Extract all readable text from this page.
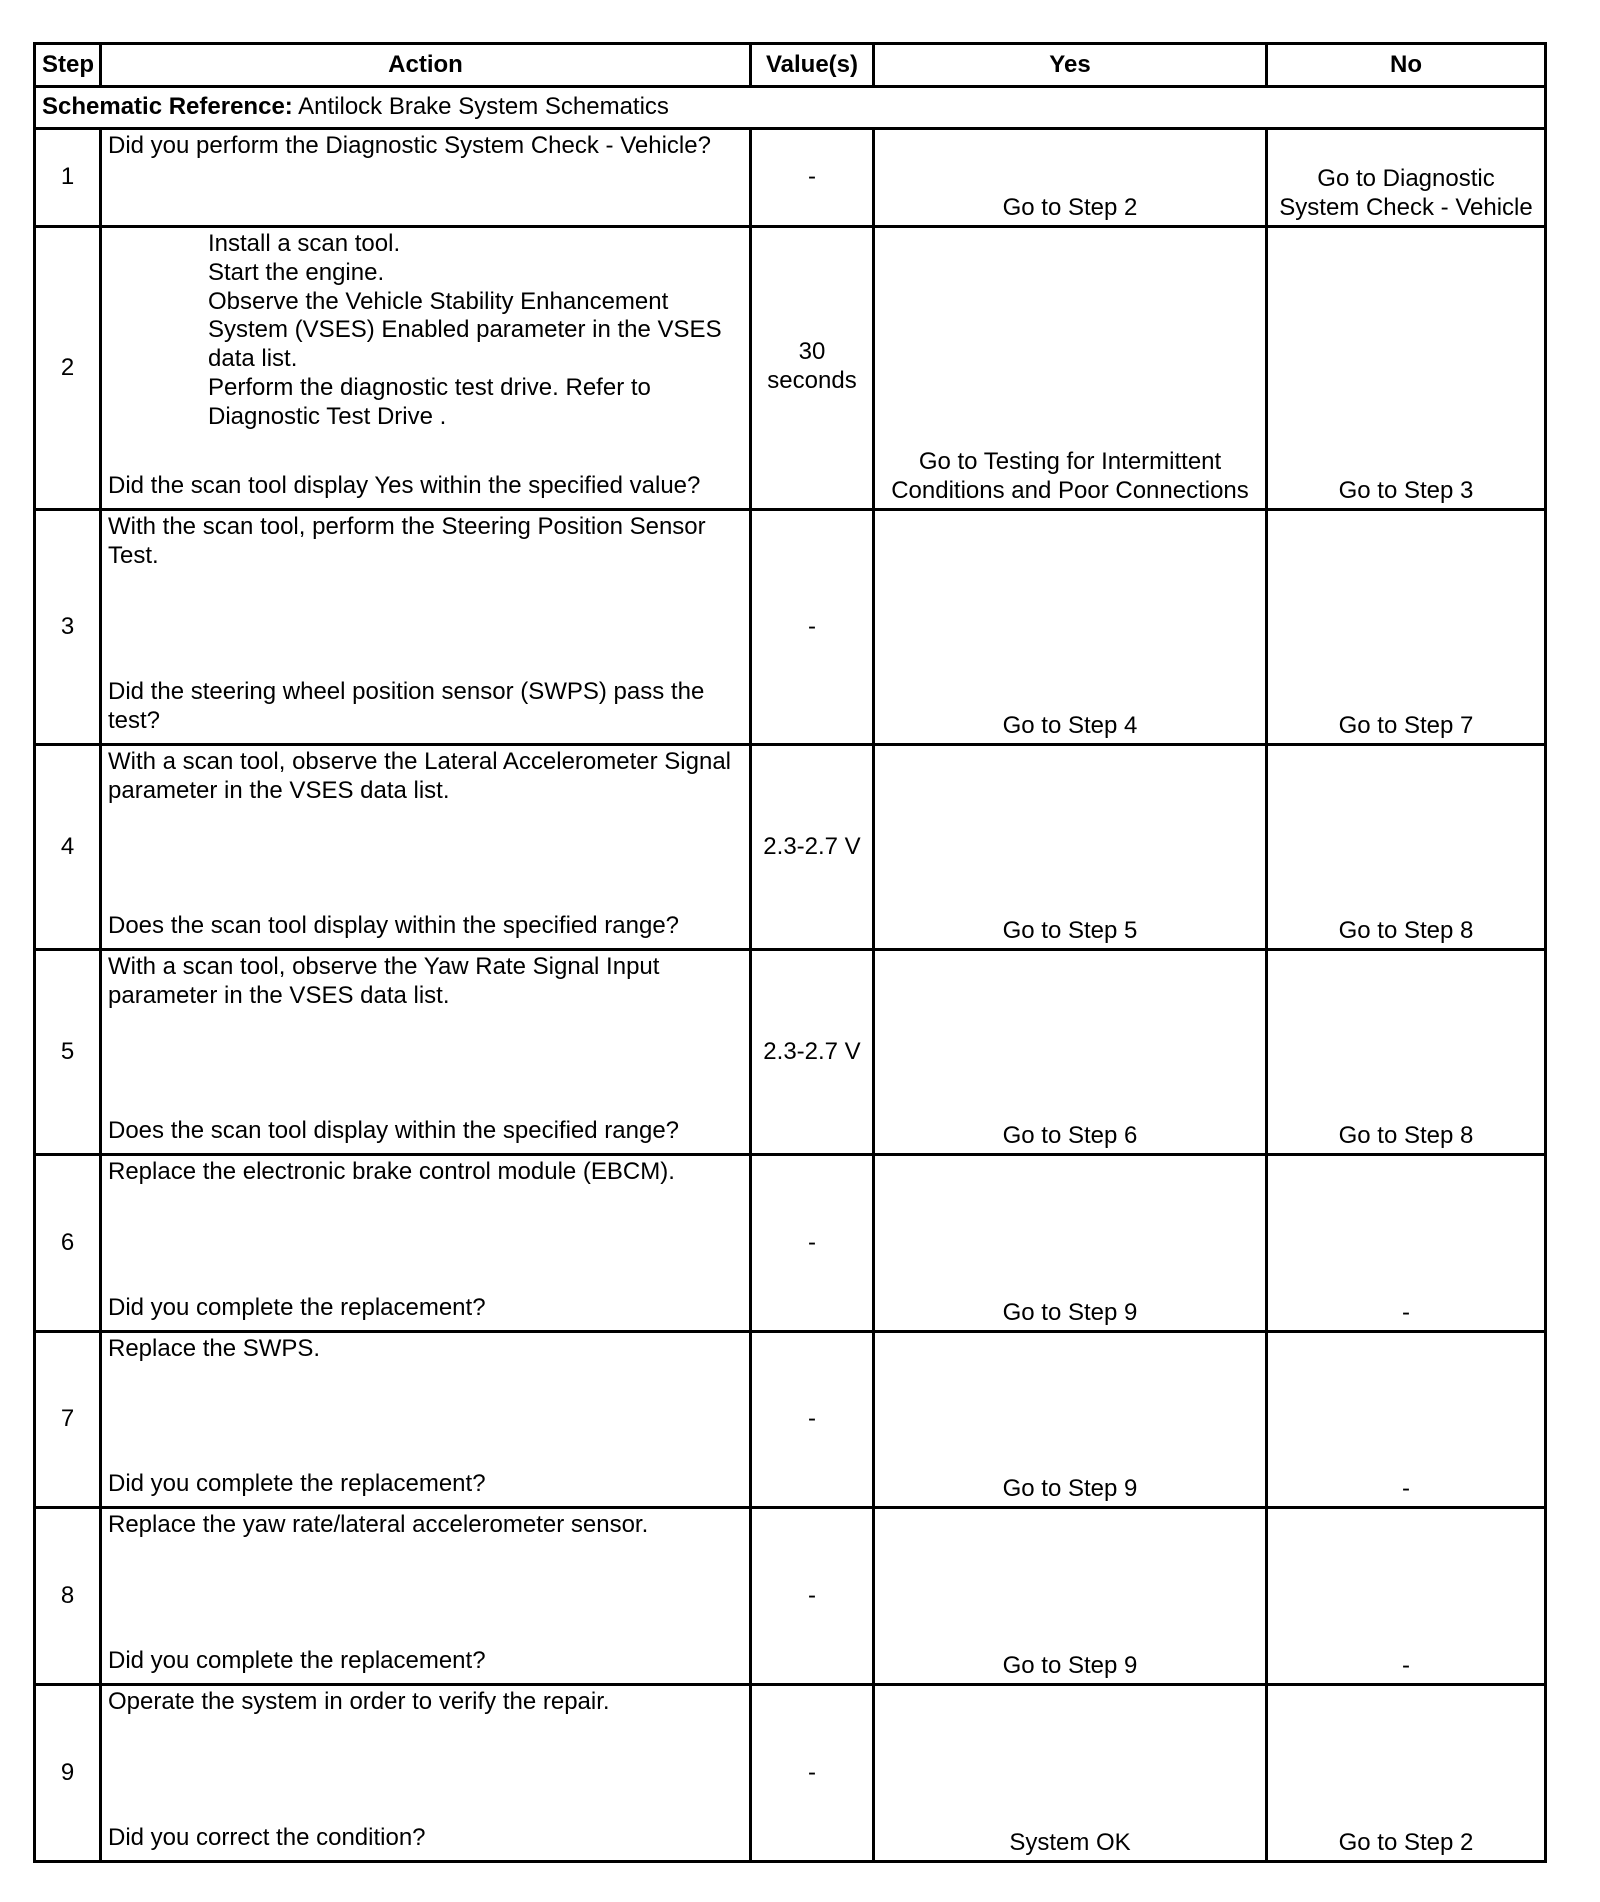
Step	Action	Value(s)	Yes	No
Schematic Reference: Antilock Brake System Schematics				
1	Did you perform the Diagnostic System Check - Vehicle?	-	Go to Step 2	Go to Diagnostic System Check - Vehicle
2	Install a scan tool.
Start the engine.
Observe the Vehicle Stability Enhancement System (VSES) Enabled parameter in the VSES data list.
Perform the diagnostic test drive. Refer to Diagnostic Test Drive .
Did the scan tool display Yes within the specified value?	30 seconds	Go to Testing for Intermittent Conditions and Poor Connections	Go to Step 3
3	With the scan tool, perform the Steering Position Sensor Test.
Did the steering wheel position sensor (SWPS) pass the test?	-	Go to Step 4	Go to Step 7
4	With a scan tool, observe the Lateral Accelerometer Signal parameter in the VSES data list.
Does the scan tool display within the specified range?	2.3-2.7 V	Go to Step 5	Go to Step 8
5	With a scan tool, observe the Yaw Rate Signal Input parameter in the VSES data list.
Does the scan tool display within the specified range?	2.3-2.7 V	Go to Step 6	Go to Step 8
6	Replace the electronic brake control module (EBCM).
Did you complete the replacement?	-	Go to Step 9	-
7	Replace the SWPS.
Did you complete the replacement?	-	Go to Step 9	-
8	Replace the yaw rate/lateral accelerometer sensor.
Did you complete the replacement?	-	Go to Step 9	-
9	Operate the system in order to verify the repair.
Did you correct the condition?	-	System OK	Go to Step 2
